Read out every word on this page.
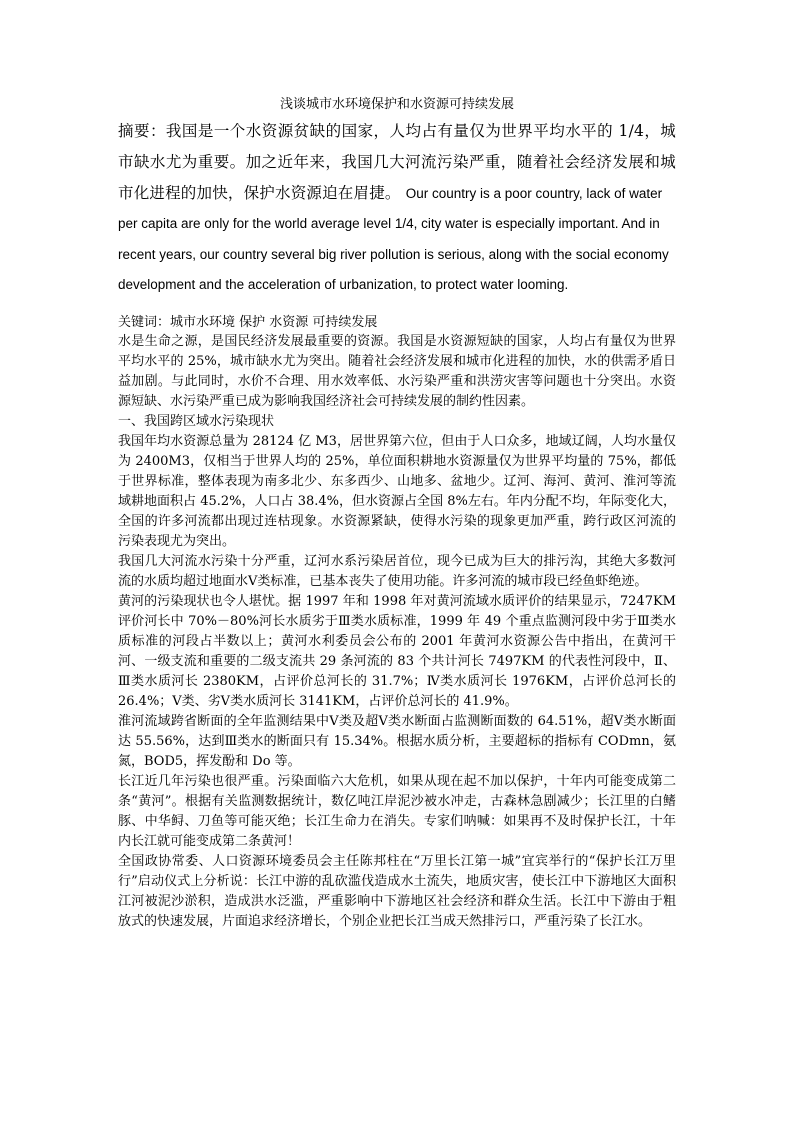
浅谈城市水环境保护和水资源可持续发展

摘要：我国是一个水资源贫缺的国家，人均占有量仅为世界平均水平的 1/4，城市缺水尤为重要。加之近年来，我国几大河流污染严重，随着社会经济发展和城市化进程的加快，保护水资源迫在眉捷。 Our country is a poor country, lack of water

per capita are only for the world average level 1/4, city water is especially important. And in recent years, our country several big river pollution is serious, along with the social economy development and the acceleration of urbanization, to protect water looming.

关键词：城市水环境 保护 水资源 可持续发展

水是生命之源，是国民经济发展最重要的资源。我国是水资源短缺的国家，人均占有量仅为世界平均水平的 25%，城市缺水尤为突出。随着社会经济发展和城市化进程的加快，水的供需矛盾日益加剧。与此同时，水价不合理、用水效率低、水污染严重和洪涝灾害等问题也十分突出。水资源短缺、水污染严重已成为影响我国经济社会可持续发展的制约性因素。

一、我国跨区域水污染现状

我国年均水资源总量为 28124 亿 M3，居世界第六位，但由于人口众多，地域辽阔，人均水量仅为 2400M3，仅相当于世界人均的 25%，单位面积耕地水资源量仅为世界平均量的 75%，都低于世界标准，整体表现为南多北少、东多西少、山地多、盆地少。辽河、海河、黄河、淮河等流域耕地面积占 45.2%，人口占 38.4%，但水资源占全国 8%左右。年内分配不均，年际变化大，全国的许多河流都出现过连枯现象。水资源紧缺，使得水污染的现象更加严重，跨行政区河流的污染表现尤为突出。

我国几大河流水污染十分严重，辽河水系污染居首位，现今已成为巨大的排污沟，其绝大多数河流的水质均超过地面水Ⅴ类标准，已基本丧失了使用功能。许多河流的城市段已经鱼虾绝迹。

黄河的污染现状也令人堪忧。据 1997 年和 1998 年对黄河流域水质评价的结果显示，7247KM 评价河长中 70%－80%河长水质劣于Ⅲ类水质标准，1999 年 49 个重点监测河段中劣于Ⅲ类水质标准的河段占半数以上；黄河水利委员会公布的 2001 年黄河水资源公告中指出，在黄河干河、一级支流和重要的二级支流共 29 条河流的 83 个共计河长 7497KM 的代表性河段中，Ⅱ、Ⅲ类水质河长 2380KM，占评价总河长的 31.7%；Ⅳ类水质河长 1976KM，占评价总河长的 26.4%；Ⅴ类、劣Ⅴ类水质河长 3141KM，占评价总河长的 41.9%。

淮河流域跨省断面的全年监测结果中Ⅴ类及超Ⅴ类水断面占监测断面数的 64.51%，超Ⅴ类水断面达 55.56%，达到Ⅲ类水的断面只有 15.34%。根据水质分析，主要超标的指标有 CODmn，氨氮，BOD5，挥发酚和 Do 等。

长江近几年污染也很严重。污染面临六大危机，如果从现在起不加以保护，十年内可能变成第二条“黄河”。根据有关监测数据统计，数亿吨江岸泥沙被水冲走，古森林急剧减少；长江里的白鳍豚、中华鲟、刀鱼等可能灭绝；长江生命力在消失。专家们呐喊：如果再不及时保护长江，十年内长江就可能变成第二条黄河！

全国政协常委、人口资源环境委员会主任陈邦柱在“万里长江第一城”宜宾举行的“保护长江万里行”启动仪式上分析说：长江中游的乱砍滥伐造成水土流失，地质灾害，使长江中下游地区大面积江河被泥沙淤积，造成洪水泛滥，严重影响中下游地区社会经济和群众生活。长江中下游由于粗放式的快速发展，片面追求经济增长，个别企业把长江当成天然排污口，严重污染了长江水。
